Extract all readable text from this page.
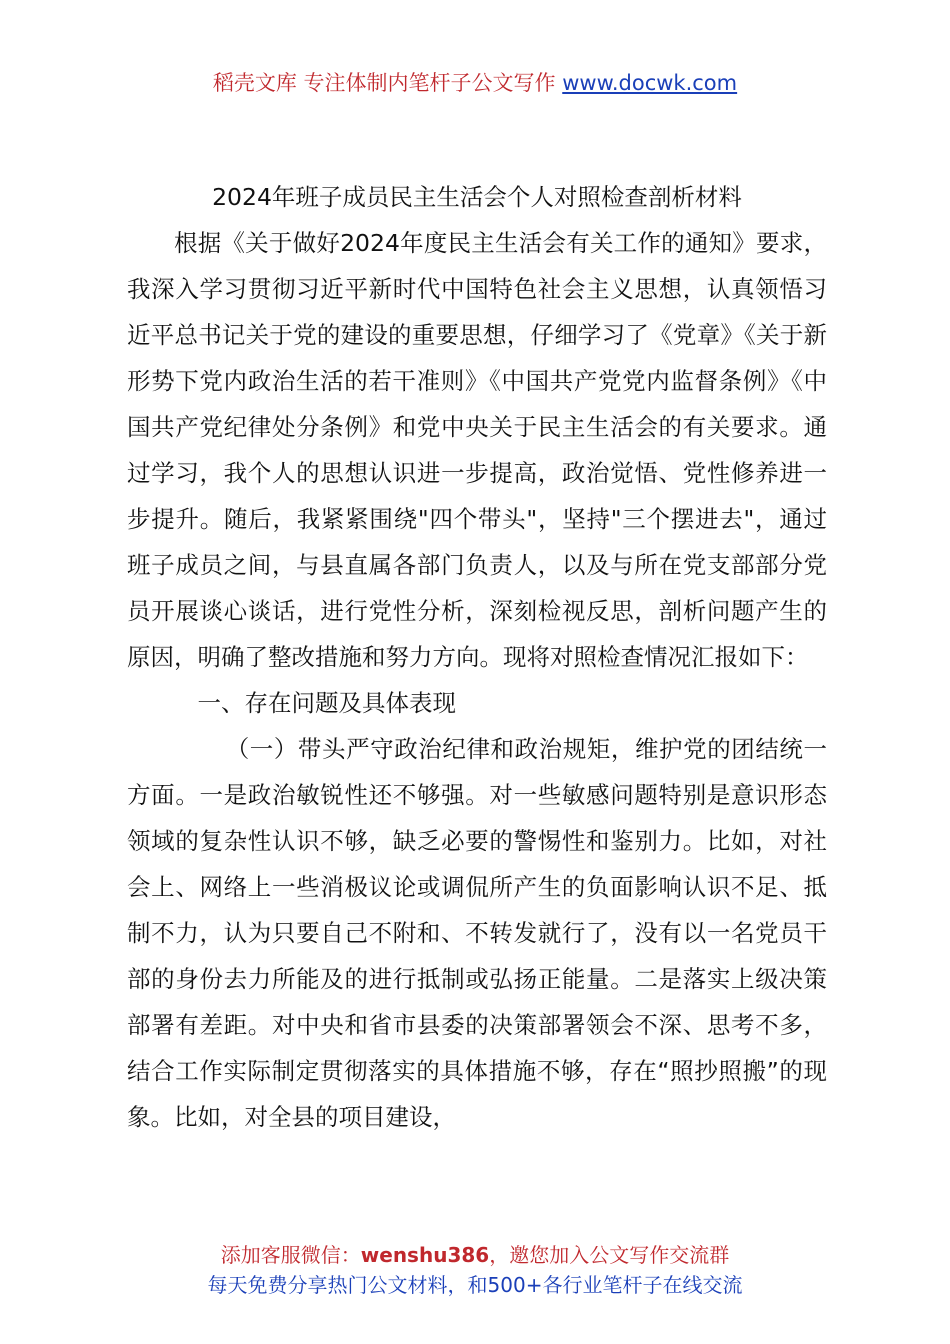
稻壳文库 专注体制内笔杆子公文写作 www.docwk.com
2024年班子成员民主生活会个人对照检查剖析材料

根据《关于做好2024年度民主生活会有关工作的通知》要求，我深入学习贯彻习近平新时代中国特色社会主义思想，认真领悟习近平总书记关于党的建设的重要思想，仔细学习了《党章》《关于新形势下党内政治生活的若干准则》《中国共产党党内监督条例》《中国共产党纪律处分条例》和党中央关于民主生活会的有关要求。通过学习，我个人的思想认识进一步提高，政治觉悟、党性修养进一步提升。随后，我紧紧围绕"四个带头"，坚持"三个摆进去"，通过班子成员之间，与县直属各部门负责人，以及与所在党支部部分党员开展谈心谈话，进行党性分析，深刻检视反思，剖析问题产生的原因，明确了整改措施和努力方向。现将对照检查情况汇报如下：

一、存在问题及具体表现

（一）带头严守政治纪律和政治规矩，维护党的团结统一方面。一是政治敏锐性还不够强。对一些敏感问题特别是意识形态领域的复杂性认识不够，缺乏必要的警惕性和鉴别力。比如，对社会上、网络上一些消极议论或调侃所产生的负面影响认识不足、抵制不力，认为只要自己不附和、不转发就行了，没有以一名党员干部的身份去力所能及的进行抵制或弘扬正能量。二是落实上级决策部署有差距。对中央和省市县委的决策部署领会不深、思考不多，结合工作实际制定贯彻落实的具体措施不够，存在“照抄照搬”的现象。比如，对全县的项目建设，

添加客服微信：wenshu386，邀您加入公文写作交流群
每天免费分享热门公文材料，和500+各行业笔杆子在线交流
